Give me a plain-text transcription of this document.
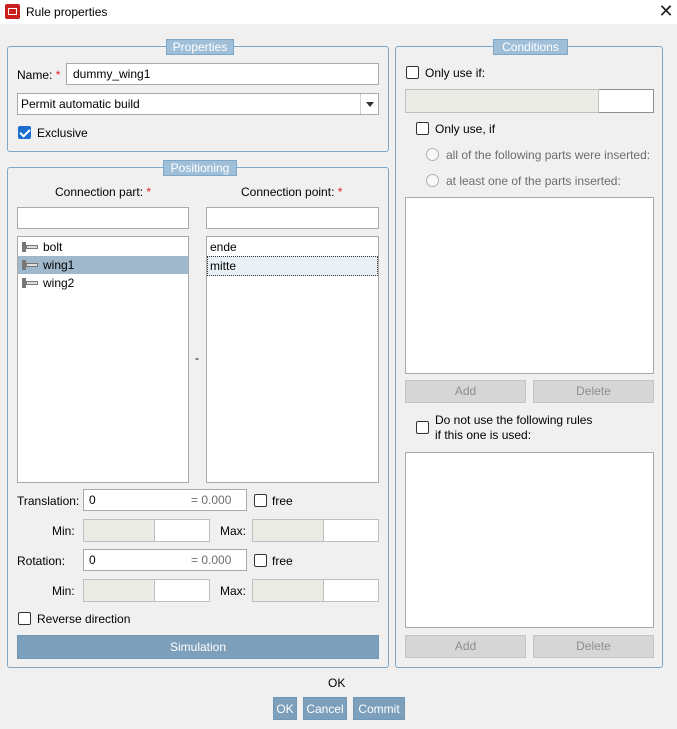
Rule properties	✕
Properties
Name: *	dummy_wing1
Permit automatic build
Exclusive
Positioning
Connection part: *	Connection point: *
bolt
wing1
wing2
-
ende
mitte
Translation: 0	= 0.000	free
Min:	Max:
Rotation:	0	= 0.000	free
Min:	Max:
Reverse direction
Simulation
Conditions
Only use if:
Only use, if
all of the following parts were inserted:
at least one of the parts inserted:
Add	Delete
Do not use the following rules
if this one is used:
Add	Delete
OK
OK Cancel	Commit
